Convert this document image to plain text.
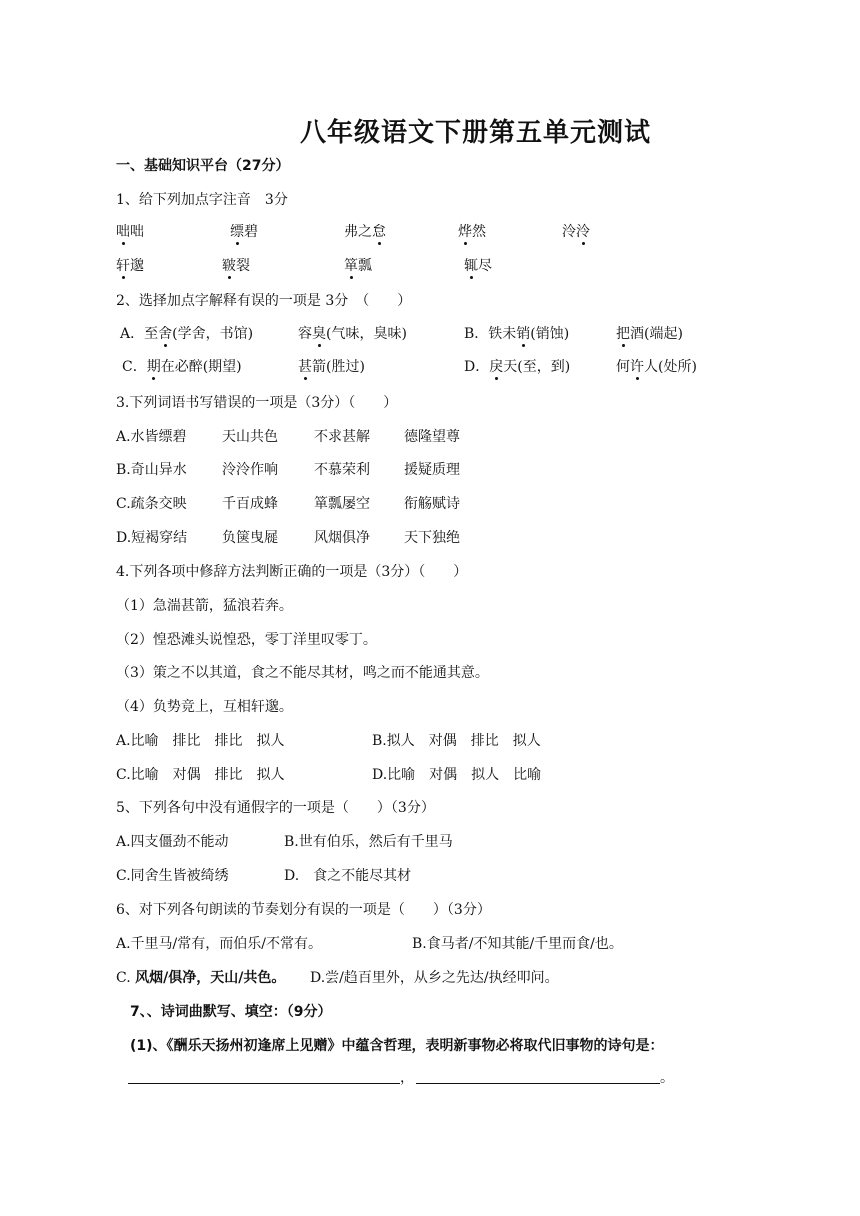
八年级语文下册第五单元测试
一、基础知识平台（27分）
1、给下列加点字注音　3分
咄咄	缥碧	弗之怠	烨然	泠泠
轩邈	皲裂	箪瓢	辄尽
2、选择加点字解释有误的一项是 3分　（　　）
A．至舍(学舍，书馆)	容臭(气味，臭味)	B．铁未销(销蚀)	把酒(端起)
C．期在必醉(期望)	甚箭(胜过)	D．戾天(至，到)	何许人(处所)
3.下列词语书写错误的一项是（3分）（　　）
A.水皆缥碧	天山共色	不求甚解 德隆望尊
B.奇山异水	泠泠作响	不慕荣利 援疑质理
C.疏条交映	千百成蜂	箪瓢屡空 衔觞赋诗
D.短褐穿结 负箧曳屣	风烟俱净 天下独绝
4.下列各项中修辞方法判断正确的一项是（3分）（　　）
（1）急湍甚箭，猛浪若奔。
（2）惶恐滩头说惶恐，零丁洋里叹零丁。
（3）策之不以其道，食之不能尽其材，鸣之而不能通其意。
（4）负势竞上，互相轩邈。
A.比喻　排比　排比　拟人	B.拟人　对偶　排比　拟人
C.比喻　对偶　排比　拟人	D.比喻　对偶　拟人　比喻
5、下列各句中没有通假字的一项是（　　）（3分）
A.四支僵劲不能动	B.世有伯乐，然后有千里马
C.同舍生皆被绮绣	D.　食之不能尽其材
6、对下列各句朗读的节奏划分有误的一项是（　　）（3分）
A.千里马/常有，而伯乐/不常有。	B.食马者/不知其能/千里而食/也。
C. 风烟/俱净，天山/共色。 D.尝/趋百里外，从乡之先达/执经叩问。
7、、诗词曲默写、填空：（9分）
(1)、《酬乐天扬州初逢席上见赠》中蕴含哲理，表明新事物必将取代旧事物的诗句是：
，	。
